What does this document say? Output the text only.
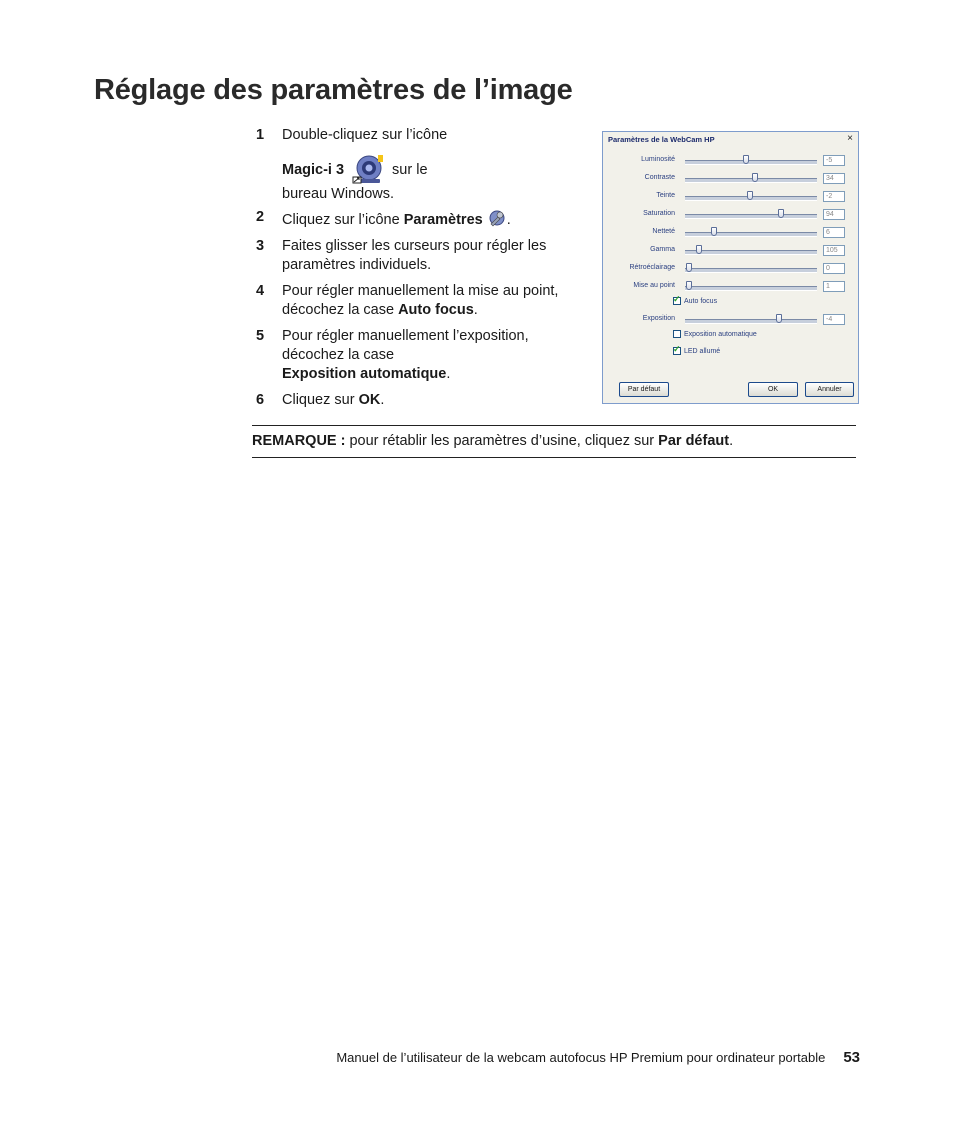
Réglage des paramètres de l’image
1	Double-cliquez sur l’icône
Magic-i 3	sur le
bureau Windows.
2	Cliquez sur l’icône Paramètres .
3	Faites glisser les curseurs pour régler les paramètres individuels.
4	Pour régler manuellement la mise au point, décochez la case Auto focus.
5	Pour régler manuellement l’exposition, décochez la case
Exposition automatique.
6	Cliquez sur OK.
Paramètres de la WebCam HP	×
Luminosité	-5
Contraste	34
Teinte	-2
Saturation	94
Netteté	6
Gamma	105
Rétroéclairage	0
Mise au point	1
✓
Auto focus
Exposition	-4
Exposition automatique
✓
LED allumé
Par défaut	OK	Annuler
REMARQUE : pour rétablir les paramètres d’usine, cliquez sur Par défaut.
Manuel de l’utilisateur de la webcam autofocus HP Premium pour ordinateur portable 53
